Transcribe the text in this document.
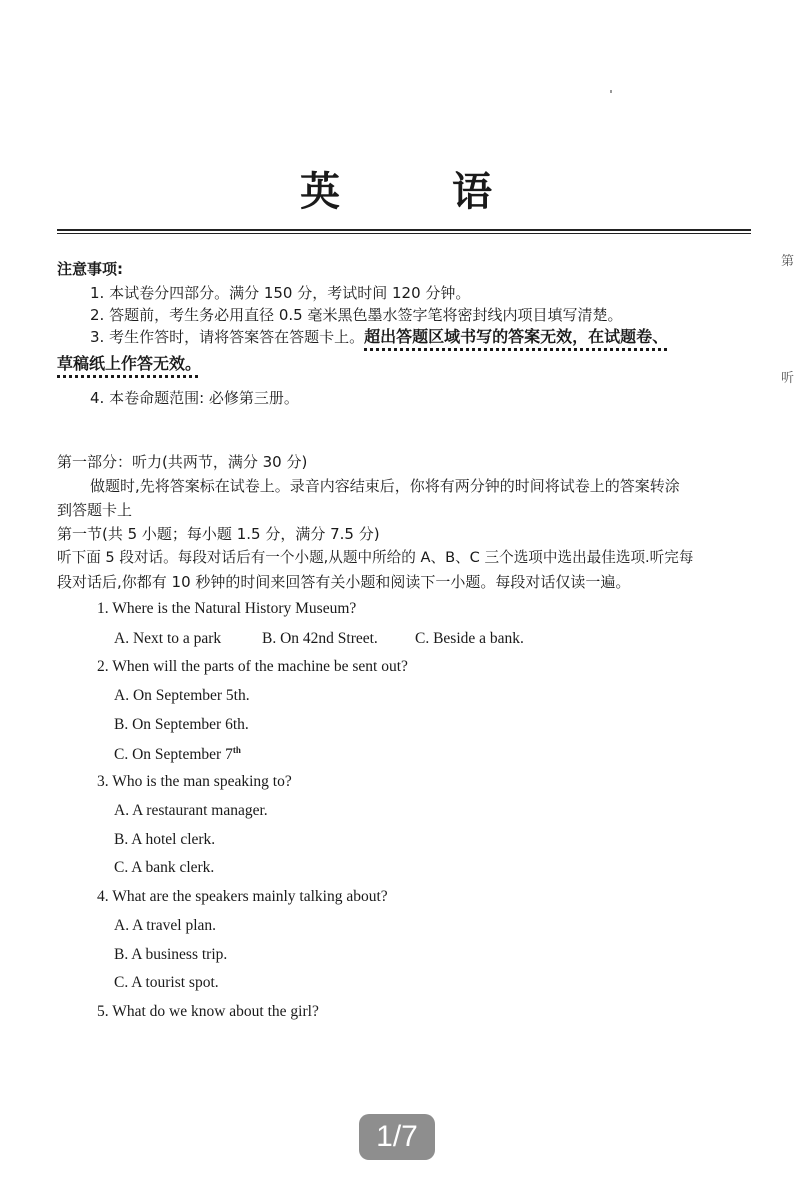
英	语
第
听
注意事项:
1. 本试卷分四部分。满分 150 分，考试时间 120 分钟。
2. 答题前，考生务必用直径 0.5 毫米黑色墨水签字笔将密封线内项目填写清楚。
3. 考生作答时，请将答案答在答题卡上。超出答题区域书写的答案无效，在试题卷、
草稿纸上作答无效。
4. 本卷命题范围: 必修第三册。
第一部分：听力(共两节，满分 30 分)
做题时,先将答案标在试卷上。录音内容结束后，你将有两分钟的时间将试卷上的答案转涂
到答题卡上
第一节(共 5 小题；每小题 1.5 分，满分 7.5 分)
听下面 5 段对话。每段对话后有一个小题,从题中所给的 A、B、C 三个选项中选出最佳选项.听完每
段对话后,你都有 10 秒钟的时间来回答有关小题和阅读下一小题。每段对话仅读一遍。
1. Where is the Natural History Museum?
A. Next to a park	B. On 42nd Street. C. Beside a bank.
2. When will the parts of the machine be sent out?
A. On September 5th.
B. On September 6th.
C. On September 7th
3. Who is the man speaking to?
A. A restaurant manager.
B. A hotel clerk.
C. A bank clerk.
4. What are the speakers mainly talking about?
A. A travel plan.
B. A business trip.
C. A tourist spot.
5. What do we know about the girl?
1/7
